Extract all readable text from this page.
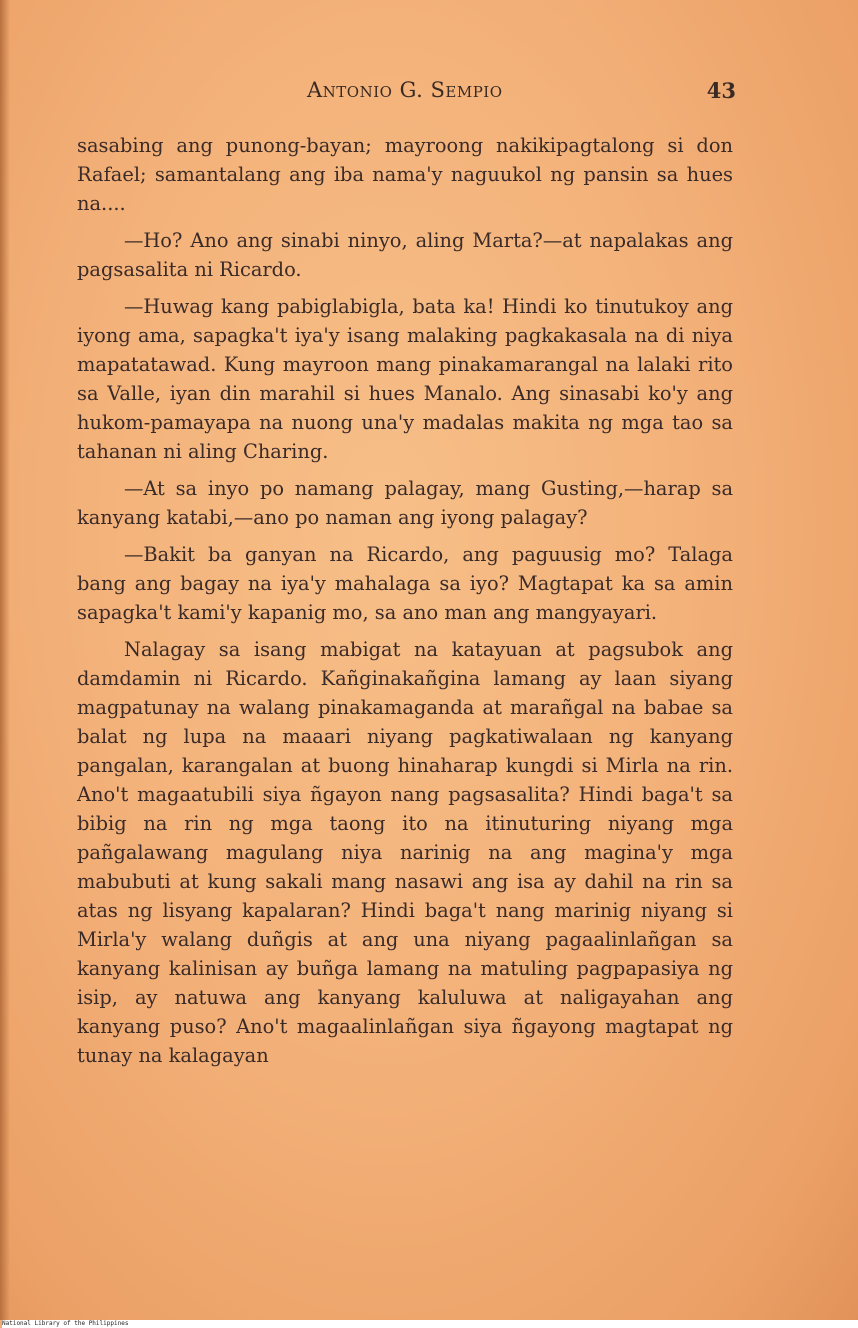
Antonio G. Sempio	43

sasabing ang punong-bayan; mayroong nakikipagtalong si don Rafael; samantalang ang iba nama'y naguukol ng pansin sa hues na....

—Ho? Ano ang sinabi ninyo, aling Marta?—at napalakas ang pagsasalita ni Ricardo.

—Huwag kang pabiglabigla, bata ka! Hindi ko tinutukoy ang iyong ama, sapagka't iya'y isang malaking pagkakasala na di niya mapatatawad. Kung mayroon mang pinakamarangal na lalaki rito sa Valle, iyan din marahil si hues Manalo. Ang sinasabi ko'y ang hukom-pamayapa na nuong una'y madalas makita ng mga tao sa tahanan ni aling Charing.

—At sa inyo po namang palagay, mang Gusting,—harap sa kanyang katabi,—ano po naman ang iyong palagay?

—Bakit ba ganyan na Ricardo, ang paguusig mo? Talaga bang ang bagay na iya'y mahalaga sa iyo? Magtapat ka sa amin sapagka't kami'y kapanig mo, sa ano man ang mangyayari.

Nalagay sa isang mabigat na katayuan at pagsubok ang damdamin ni Ricardo. Kañginakañgina lamang ay laan siyang magpatunay na walang pinakamaganda at marañgal na babae sa balat ng lupa na maaari niyang pagkatiwalaan ng kanyang pangalan, karangalan at buong hinaharap kungdi si Mirla na rin. Ano't magaatubili siya ñgayon nang pagsasalita? Hindi baga't sa bibig na rin ng mga taong ito na itinuturing niyang mga pañgalawang magulang niya narinig na ang magina'y mga mabubuti at kung sakali mang nasawi ang isa ay dahil na rin sa atas ng lisyang kapalaran? Hindi baga't nang marinig niyang si Mirla'y walang duñgis at ang una niyang pagaalinlañgan sa kanyang kalinisan ay buñga lamang na matuling pagpapasiya ng isip, ay natuwa ang kanyang kaluluwa at naligayahan ang kanyang puso? Ano't magaalinlañgan siya ñgayong magtapat ng tunay na kalagayan

National Library of the Philippines
